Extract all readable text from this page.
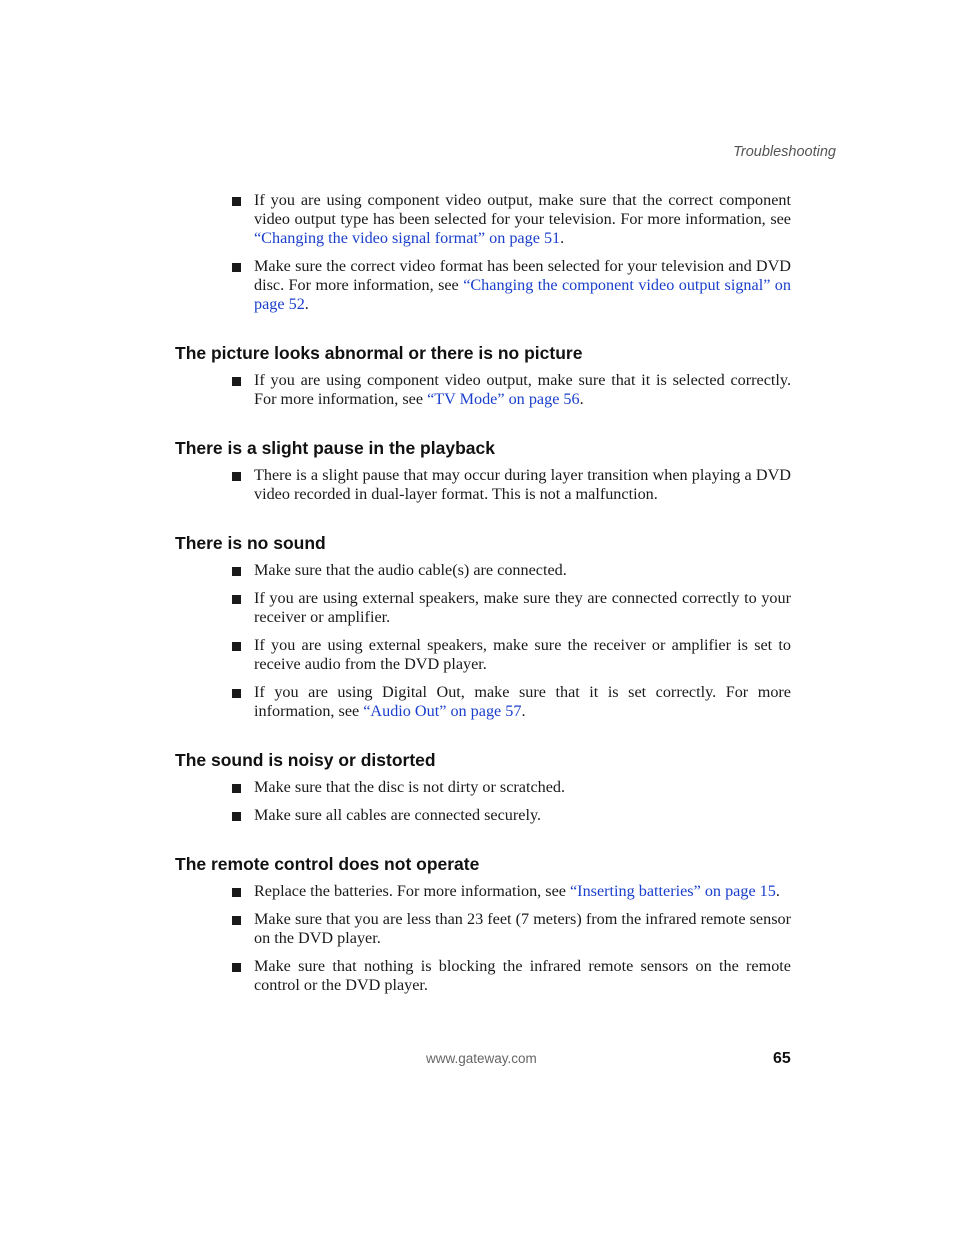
Troubleshooting
If you are using component video output, make sure that the correct component video output type has been selected for your television. For more information, see “Changing the video signal format” on page 51.
Make sure the correct video format has been selected for your television and DVD disc. For more information, see “Changing the component video output signal” on page 52.
The picture looks abnormal or there is no picture
If you are using component video output, make sure that it is selected correctly. For more information, see “TV Mode” on page 56.
There is a slight pause in the playback
There is a slight pause that may occur during layer transition when playing a DVD video recorded in dual-layer format. This is not a malfunction.
There is no sound
Make sure that the audio cable(s) are connected.
If you are using external speakers, make sure they are connected correctly to your receiver or amplifier.
If you are using external speakers, make sure the receiver or amplifier is set to receive audio from the DVD player.
If you are using Digital Out, make sure that it is set correctly. For more information, see “Audio Out” on page 57.
The sound is noisy or distorted
Make sure that the disc is not dirty or scratched.
Make sure all cables are connected securely.
The remote control does not operate
Replace the batteries. For more information, see “Inserting batteries” on page 15.
Make sure that you are less than 23 feet (7 meters) from the infrared remote sensor on the DVD player.
Make sure that nothing is blocking the infrared remote sensors on the remote control or the DVD player.
www.gateway.com	65
